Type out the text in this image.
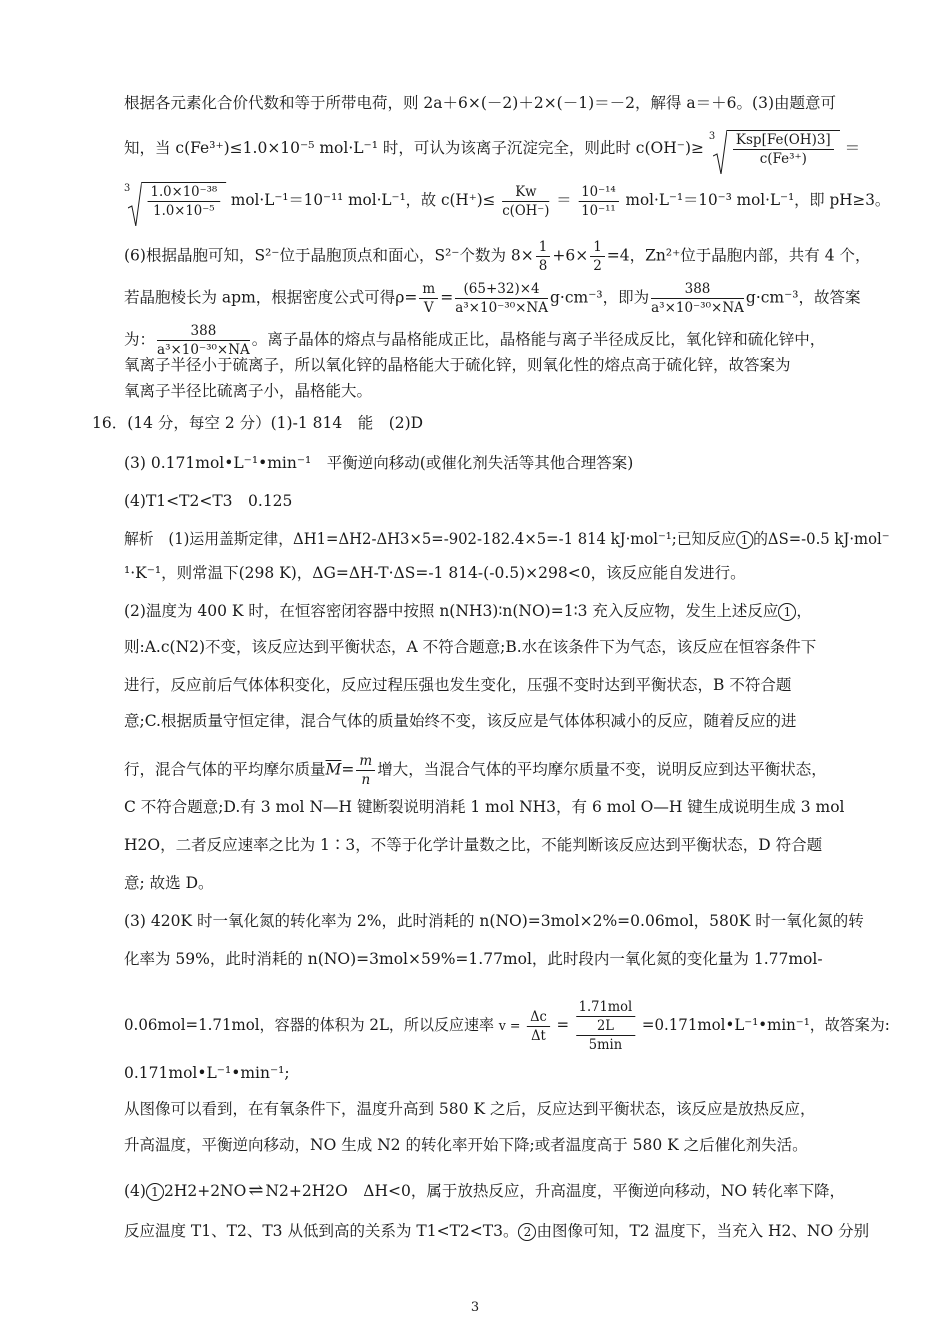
根据各元素化合价代数和等于所带电荷，则 2a＋6×(－2)＋2×(－1)＝－2，解得 a＝＋6。(3)由题意可
知，当 c(Fe³⁺)≤1.0×10⁻⁵ mol·L⁻¹ 时，可认为该离子沉淀完全，则此时 c(OH⁻)≥
$3 \frac{\text{Ksp[Fe(OH)3]}}{\text{c(Fe³⁺)}}$ ＝
$3 \frac{\text{1.0×10⁻³⁸}}{\text{1.0×10⁻⁵}} mol\cdot L^{-1}=10^{-11}$ mol·L⁻¹，故 $c(H^+)\le \frac{Kw}{c(OH^-)} = \frac{\text{10⁻¹⁴}}{\text{10⁻¹¹}} mol\cdot L^{-1}=10^{-3}$ mol·L⁻¹，即 pH≥3。
(6)根据晶胞可知，S²⁻位于晶胞顶点和面心，S²⁻个数为 $8\times \frac{1}{8} +6\times \frac{1}{2} =4$，Zn²⁺位于晶胞内部，共有 4 个，
若晶胞棱长为 apm，根据密度公式可得$\rho= \frac{m}{V} = \frac{(65+32)\times 4}{\text{a³×10⁻³⁰×NA}} g\cdot cm^{-3}$，即为 $\frac{388}{\text{a³×10⁻³⁰×NA}} g\cdot cm^{-3}$，故答案
为： $\frac{388}{\text{a³×10⁻³⁰×NA}}$ 。离子晶体的熔点与晶格能成正比，晶格能与离子半径成反比，氧化锌和硫化锌中，
氧离子半径小于硫离子，所以氧化锌的晶格能大于硫化锌，则氧化性的熔点高于硫化锌，故答案为
氧离子半径比硫离子小，晶格能大。
16．(14 分，每空 2 分）(1)-1 814　能　(2)D
(3) 0.171mol•L⁻¹•min⁻¹　平衡逆向移动(或催化剂失活等其他合理答案)
(4)T1<T2<T3　0.125
解析　(1)运用盖斯定律，ΔH1=ΔH2-ΔH3×5=-902-182.4×5=-1 814 kJ·mol⁻¹;已知反应 1 的ΔS=-0.5 kJ·mol⁻
¹·K⁻¹，则常温下(298 K)，ΔG=ΔH-T·ΔS=-1 814-(-0.5)×298<0，该反应能自发进行。
(2)温度为 400 K 时，在恒容密闭容器中按照 n(NH3)∶n(NO)=1∶3 充入反应物，发生上述反应 1 ，
则:A.c(N2)不变，该反应达到平衡状态，A 不符合题意;B.水在该条件下为气态，该反应在恒容条件下
进行，反应前后气体体积变化，反应过程压强也发生变化，压强不变时达到平衡状态，B 不符合题
意;C.根据质量守恒定律，混合气体的质量始终不变，该反应是气体体积减小的反应，随着反应的进
行，混合气体的平均摩尔质量$\overline{M}= \frac{m}{n}$ 增大，当混合气体的平均摩尔质量不变，说明反应到达平衡状态，
C 不符合题意;D.有 3 mol N—H 键断裂说明消耗 1 mol NH3，有 6 mol O—H 键生成说明生成 3 mol
H2O，二者反应速率之比为 1∶3，不等于化学计量数之比，不能判断该反应达到平衡状态，D 符合题
意; 故选 D。
(3) 420K 时一氧化氮的转化率为 2%，此时消耗的 n(NO)=3mol×2%=0.06mol，580K 时一氧化氮的转
化率为 59%，此时消耗的 n(NO)=3mol×59%=1.77mol，此时段内一氧化氮的变化量为 1.77mol-
0.06mol=1.71mol，容器的体积为 2L，所以反应速率 $v = \frac{\Delta c}{\Delta t}$ =
1.71mol
2L
5min
=0.171mol•L⁻¹•min⁻¹，故答案为:
0.171mol•L⁻¹•min⁻¹;
从图像可以看到，在有氧条件下，温度升高到 580 K 之后，反应达到平衡状态，该反应是放热反应，
升高温度，平衡逆向移动，NO 生成 N2 的转化率开始下降;或者温度高于 580 K 之后催化剂失活。
(4) 1 2H2+2NO ⇌ N2+2H2O　ΔH<0，属于放热反应，升高温度，平衡逆向移动，NO 转化率下降，
反应温度 T1、T2、T3 从低到高的关系为 T1<T2<T3。 2 由图像可知，T2 温度下，当充入 H2、NO 分别
3
